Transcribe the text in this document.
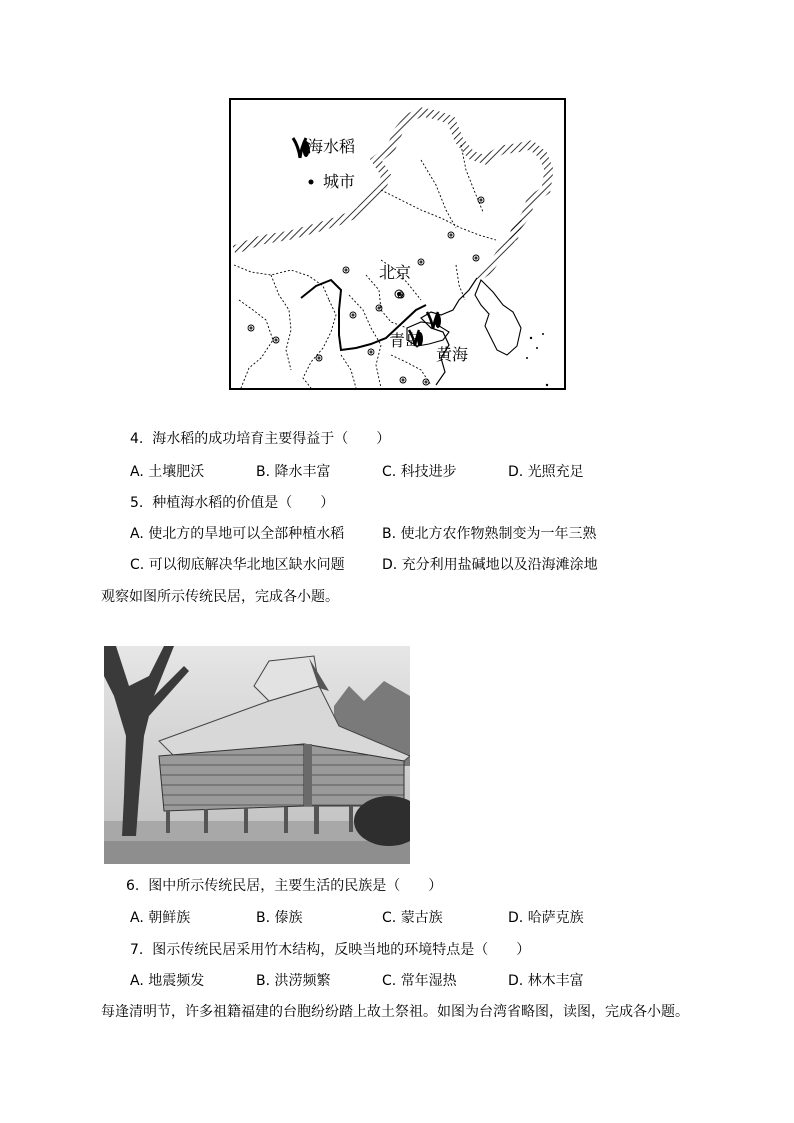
海水稻
城市
北京
青岛
黄海
4. 海水稻的成功培育主要得益于（　　）
A. 土壤肥沃	B. 降水丰富	C. 科技进步	D. 光照充足
5. 种植海水稻的价值是（　　）
A. 使北方的旱地可以全部种植水稻	B. 使北方农作物熟制变为一年三熟
C. 可以彻底解决华北地区缺水问题	D. 充分利用盐碱地以及沿海滩涂地
观察如图所示传统民居，完成各小题。
6. 图中所示传统民居，主要生活的民族是（　　）
A. 朝鲜族	B. 傣族	C. 蒙古族	D. 哈萨克族
7. 图示传统民居采用竹木结构，反映当地的环境特点是（　　）
A. 地震频发	B. 洪涝频繁	C. 常年湿热	D. 林木丰富
每逢清明节，许多祖籍福建的台胞纷纷踏上故土祭祖。如图为台湾省略图，读图，完成各小题。
